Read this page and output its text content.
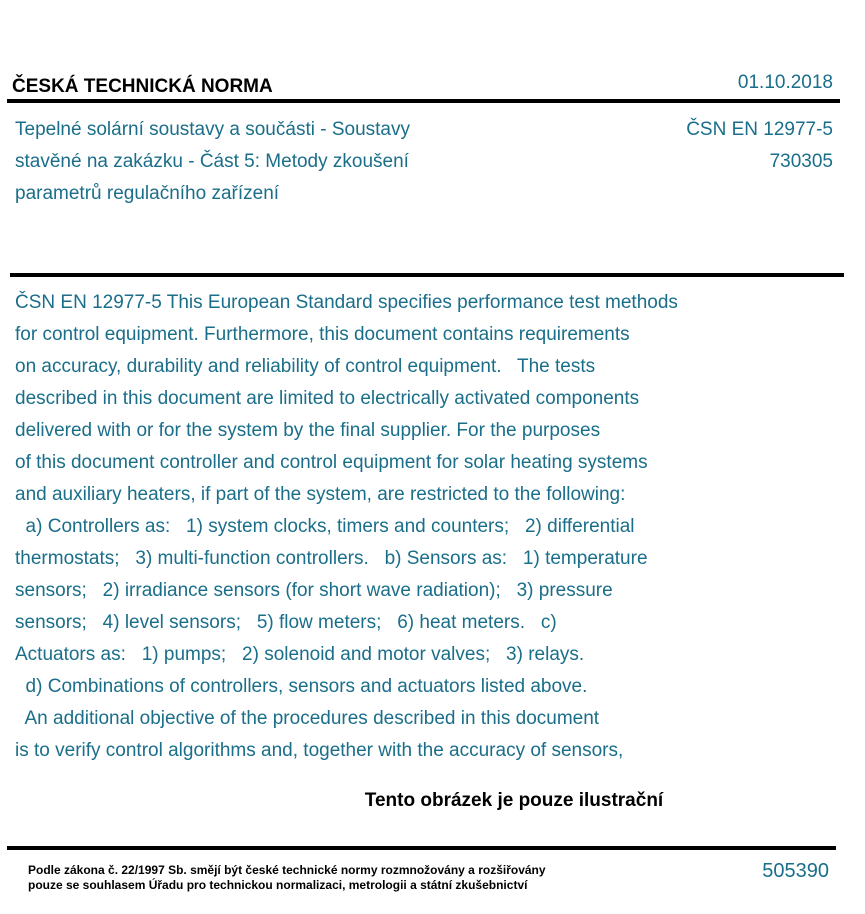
ČESKÁ TECHNICKÁ NORMA	01.10.2018
Tepelné solární soustavy a součásti - Soustavy
stavěné na zakázku - Část 5: Metody zkoušení
parametrů regulačního zařízení
ČSN EN 12977-5
730305
ČSN EN 12977-5 This European Standard specifies performance test methods
for control equipment. Furthermore, this document contains requirements
on accuracy, durability and reliability of control equipment.   The tests
described in this document are limited to electrically activated components
delivered with or for the system by the final supplier. For the purposes
of this document controller and control equipment for solar heating systems
and auxiliary heaters, if part of the system, are restricted to the following:
a) Controllers as:   1) system clocks, timers and counters;   2) differential
thermostats;   3) multi-function controllers.   b) Sensors as:   1) temperature
sensors;   2) irradiance sensors (for short wave radiation);   3) pressure
sensors;   4) level sensors;   5) flow meters;   6) heat meters.   c)
Actuators as:   1) pumps;   2) solenoid and motor valves;   3) relays.
d) Combinations of controllers, sensors and actuators listed above.
An additional objective of the procedures described in this document
is to verify control algorithms and, together with the accuracy of sensors,
Tento obrázek je pouze ilustrační
Podle zákona č. 22/1997 Sb. smějí být české technické normy rozmnožovány a rozšiřovány
pouze se souhlasem Úřadu pro technickou normalizaci, metrologii a státní zkušebnictví
505390
